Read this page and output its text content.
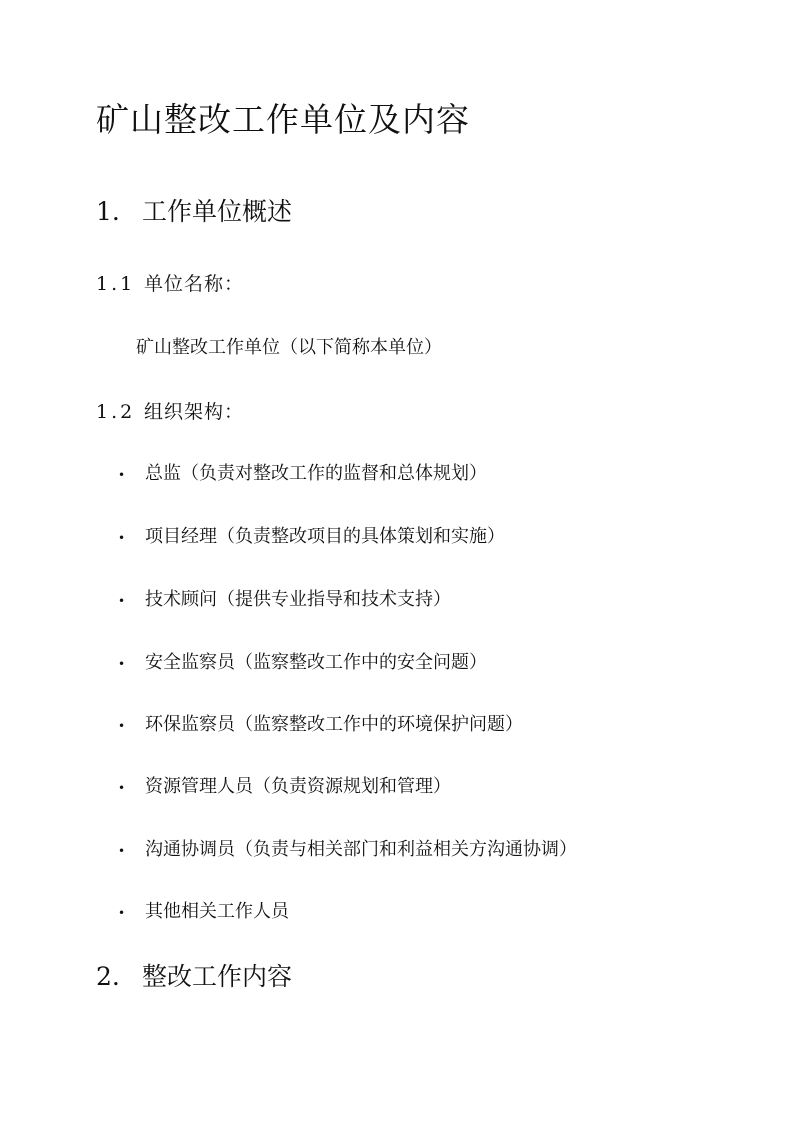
矿山整改工作单位及内容
1. 工作单位概述
1.1 单位名称：

矿山整改工作单位（以下简称本单位）

1.2 组织架构：
• 总监（负责对整改工作的监督和总体规划）
• 项目经理（负责整改项目的具体策划和实施）
• 技术顾问（提供专业指导和技术支持）
• 安全监察员（监察整改工作中的安全问题）
• 环保监察员（监察整改工作中的环境保护问题）
• 资源管理人员（负责资源规划和管理）
• 沟通协调员（负责与相关部门和利益相关方沟通协调）
• 其他相关工作人员
2. 整改工作内容
